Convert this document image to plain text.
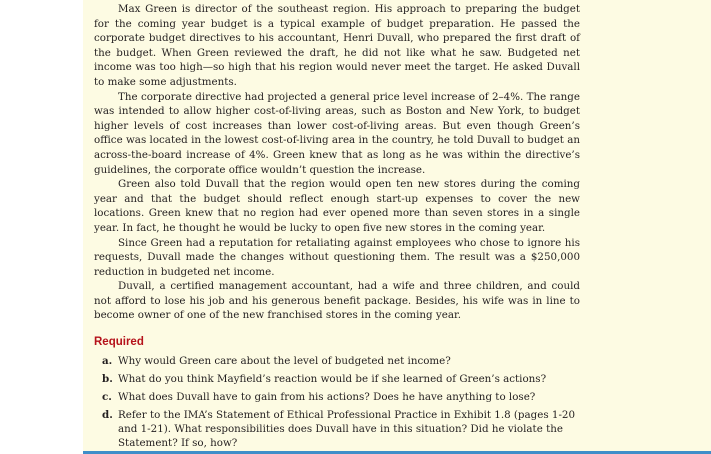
Max Green is director of the southeast region. His approach to preparing the budget for the coming year budget is a typical example of budget preparation. He passed the corporate budget directives to his accountant, Henri Duvall, who prepared the first draft of the budget. When Green reviewed the draft, he did not like what he saw. Budgeted net income was too high—so high that his region would never meet the target. He asked Duvall to make some adjustments.

The corporate directive had projected a general price level increase of 2–4%. The range was intended to allow higher cost-of-living areas, such as Boston and New York, to budget higher levels of cost increases than lower cost-of-living areas. But even though Green’s office was located in the lowest cost-of-living area in the country, he told Duvall to budget an across-the-board increase of 4%. Green knew that as long as he was within the directive’s guidelines, the corporate office wouldn’t question the increase.

Green also told Duvall that the region would open ten new stores during the coming year and that the budget should reflect enough start-up expenses to cover the new locations. Green knew that no region had ever opened more than seven stores in a single year. In fact, he thought he would be lucky to open five new stores in the coming year.

Since Green had a reputation for retaliating against employees who chose to ignore his requests, Duvall made the changes without questioning them. The result was a $250,000 reduction in budgeted net income.

Duvall, a certified management accountant, had a wife and three children, and could not afford to lose his job and his generous benefit package. Besides, his wife was in line to become owner of one of the new franchised stores in the coming year.

Required
a. Why would Green care about the level of budgeted net income?
b. What do you think Mayfield’s reaction would be if she learned of Green’s actions?
c. What does Duvall have to gain from his actions? Does he have anything to lose?
d. Refer to the IMA’s Statement of Ethical Professional Practice in Exhibit 1.8 (pages 1-20 and 1-21). What responsibilities does Duvall have in this situation? Did he violate the Statement? If so, how?
